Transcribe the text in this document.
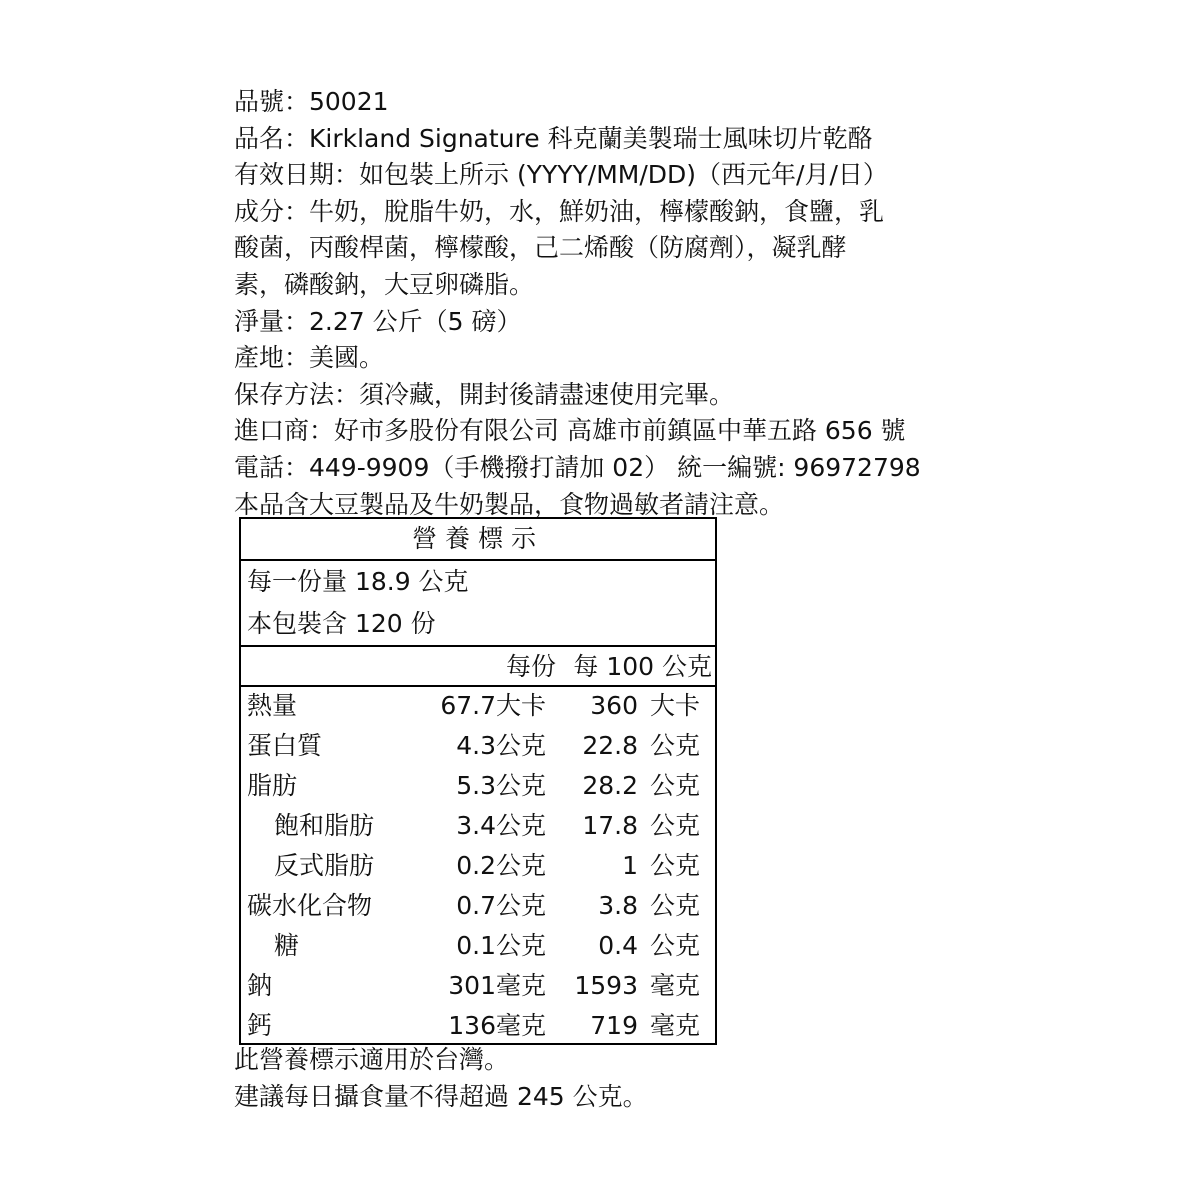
品號：50021
品名：Kirkland Signature 科克蘭美製瑞士風味切片乾酪
有效日期：如包裝上所示 (YYYY/MM/DD)（西元年/月/日）
成分：牛奶，脫脂牛奶，水，鮮奶油，檸檬酸鈉，食鹽，乳
酸菌，丙酸桿菌，檸檬酸，己二烯酸（防腐劑），凝乳酵
素，磷酸鈉，大豆卵磷脂。
淨量：2.27 公斤（5 磅）
產地：美國。
保存方法：須冷藏，開封後請盡速使用完畢。
進口商：好市多股份有限公司 高雄市前鎮區中華五路 656 號
電話：449-9909（手機撥打請加 02） 統一編號: 96972798
本品含大豆製品及牛奶製品，食物過敏者請注意。
營養標示
每一份量 18.9 公克
本包裝含 120 份
每份 每 100 公克
熱量	67.7 大卡 360 大卡
蛋白質	4.3 公克 22.8 公克
脂肪	5.3 公克 28.2 公克
飽和脂肪	3.4 公克 17.8 公克
反式脂肪	0.2 公克	1 公克
碳水化合物	0.7 公克 3.8 公克
糖	0.1 公克 0.4 公克
鈉	301 毫克 1593 毫克
鈣	136 毫克 719 毫克
此營養標示適用於台灣。
建議每日攝食量不得超過 245 公克。
